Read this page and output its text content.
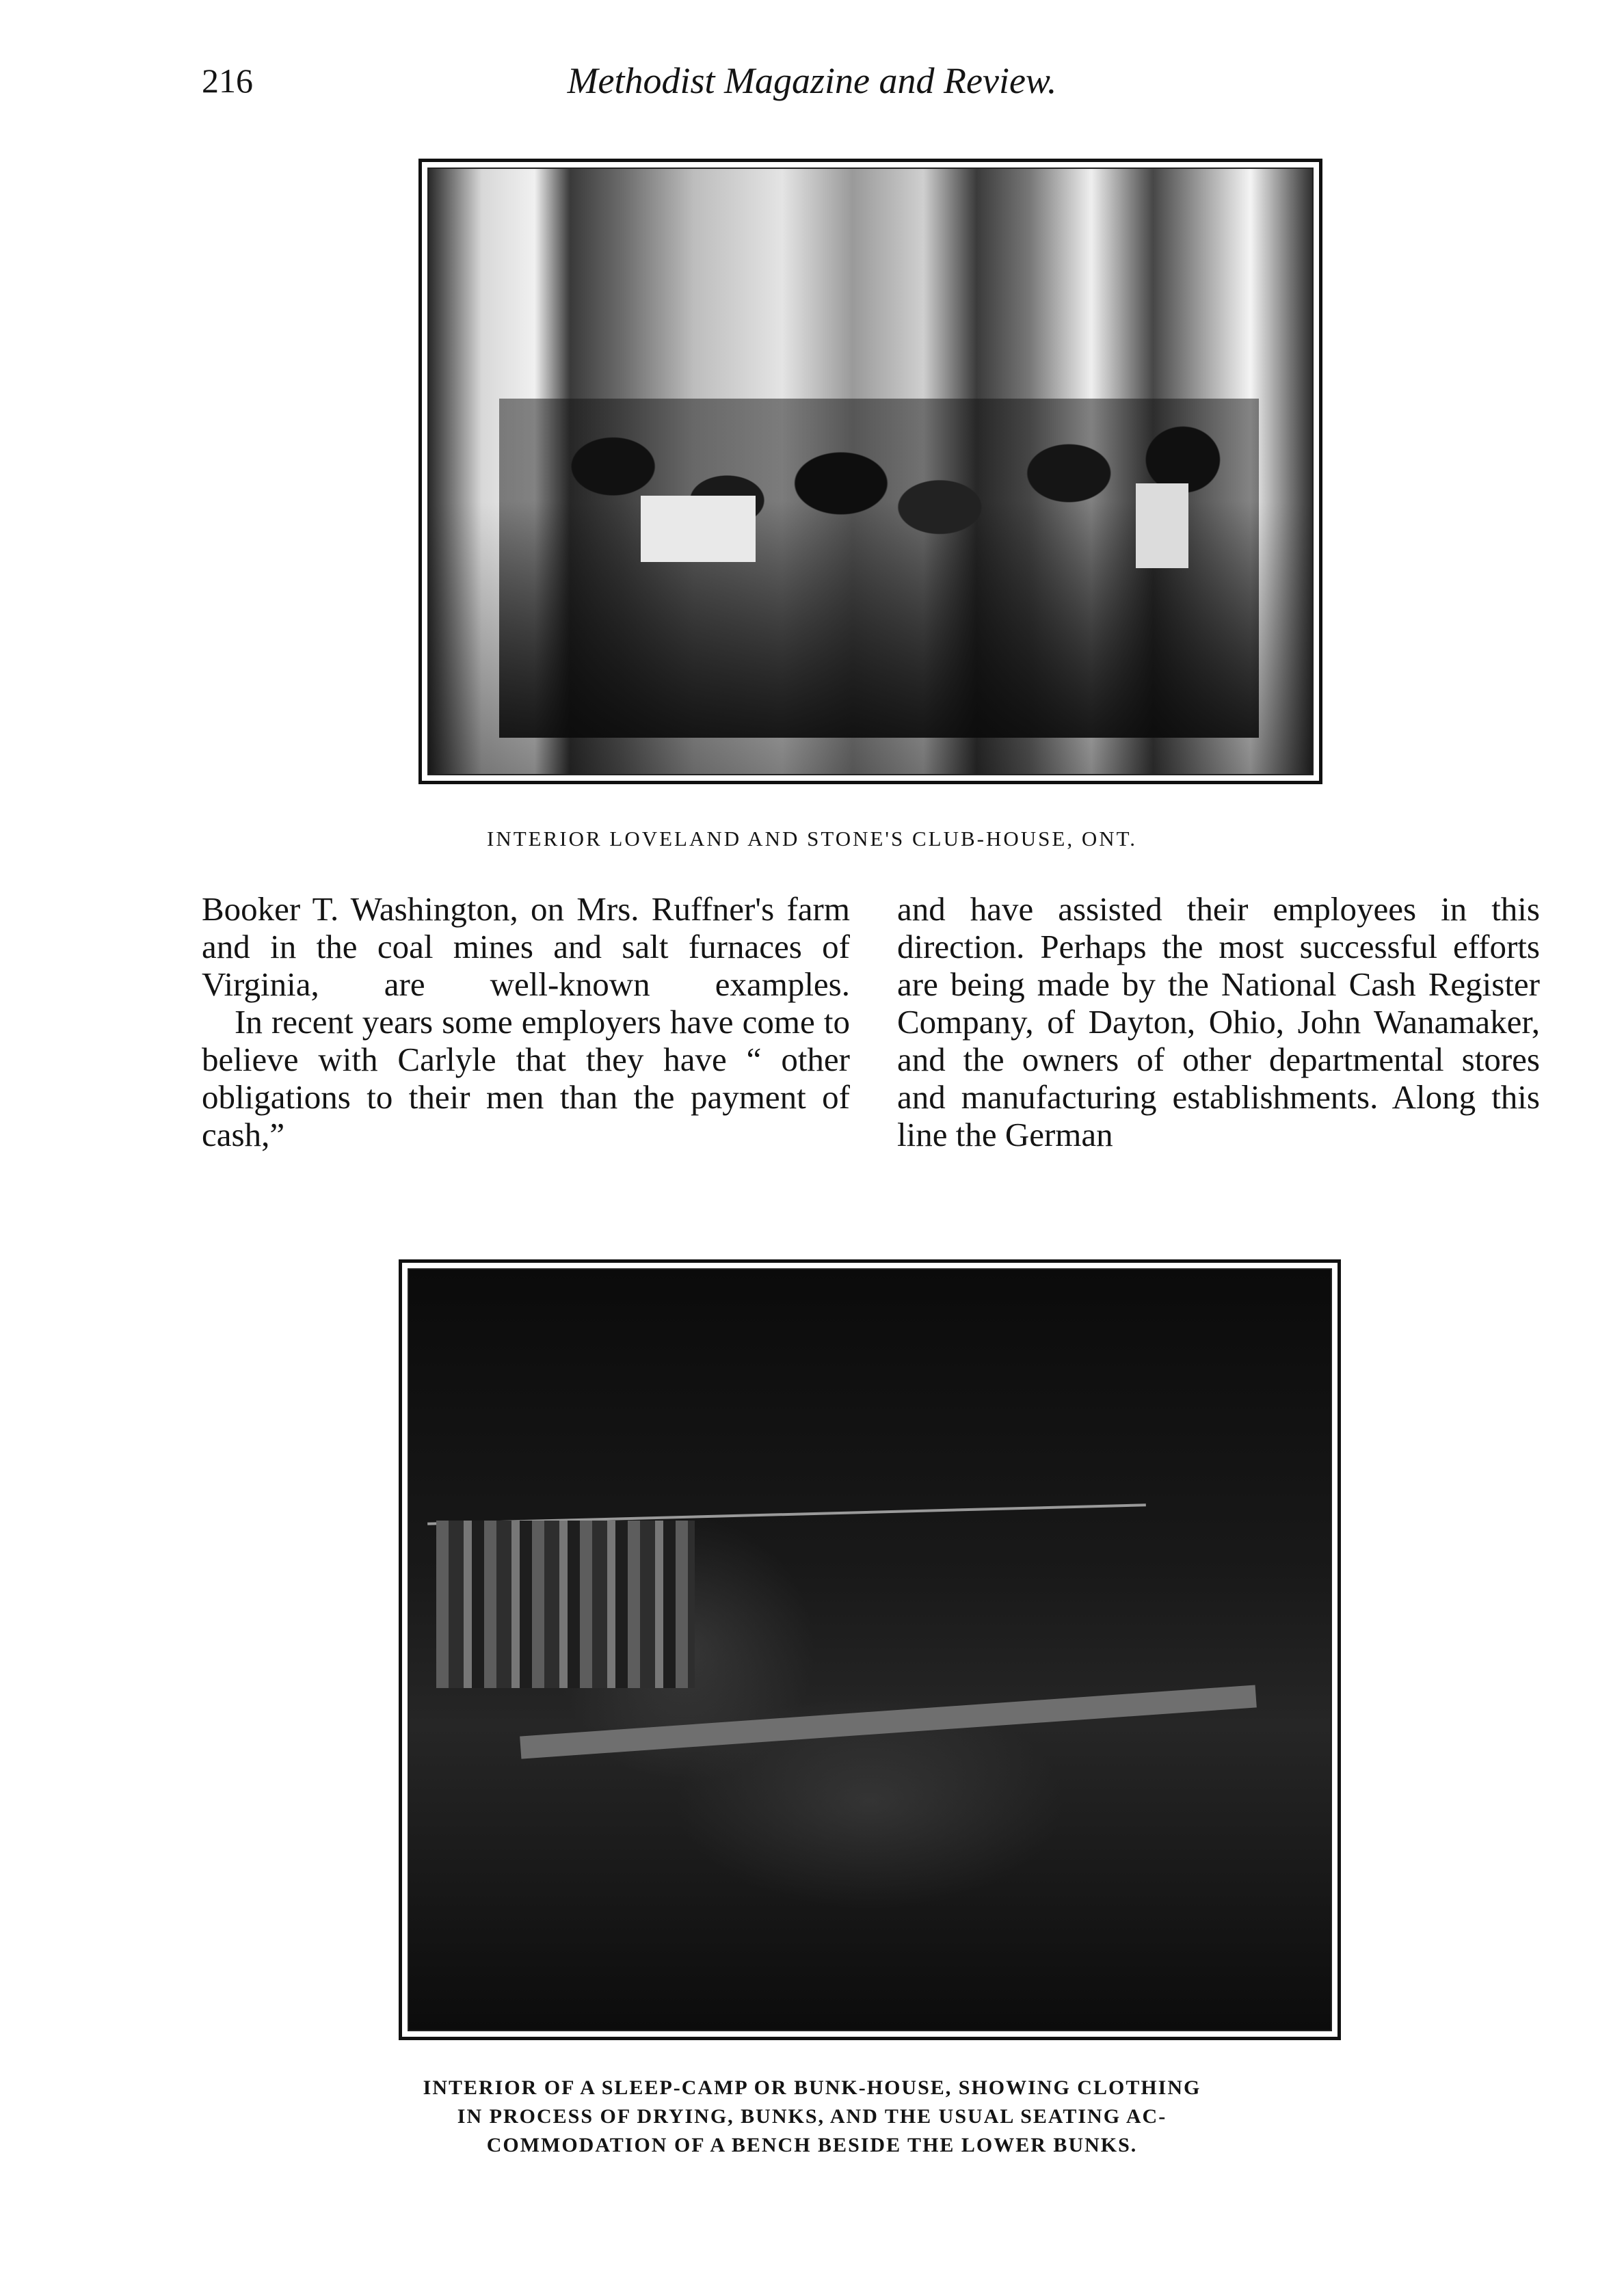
216	Methodist Magazine and Review.
INTERIOR LOVELAND AND STONE'S CLUB-HOUSE, ONT.

Booker T. Washington, on Mrs. Ruffner's farm and in the coal mines and salt furnaces of Virginia, are well-known examples.

In recent years some employers have come to believe with Carlyle that they have “ other obligations to their men than the payment of cash,”

and have assisted their employees in this direction. Perhaps the most successful efforts are being made by the National Cash Register Company, of Dayton, Ohio, John Wanamaker, and the owners of other departmental stores and manufacturing establishments. Along this line the German

INTERIOR OF A SLEEP-CAMP OR BUNK-HOUSE, SHOWING CLOTHING
IN PROCESS OF DRYING, BUNKS, AND THE USUAL SEATING AC-
COMMODATION OF A BENCH BESIDE THE LOWER BUNKS.
